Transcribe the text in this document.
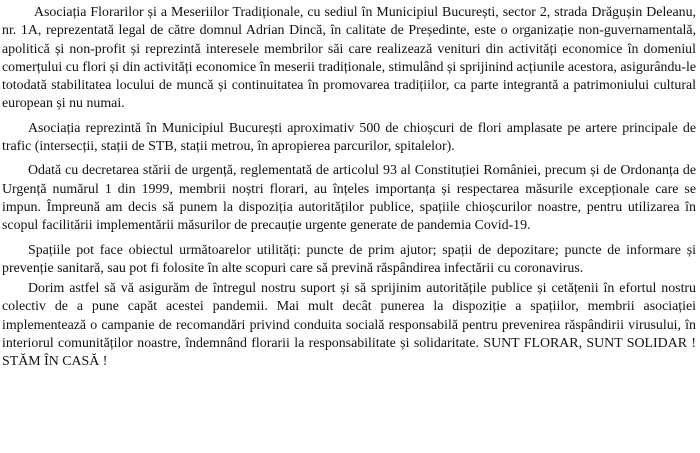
Asociația Florarilor și a Meseriilor Tradiționale, cu sediul în Municipiul București, sector 2, strada Drăgușin Deleanu, nr. 1A, reprezentată legal de către domnul Adrian Dincă, în calitate de Președinte, este o organizație non-guvernamentală, apolitică și non-profit și reprezintă interesele membrilor săi care realizează venituri din activități economice în domeniul comerțului cu flori și din activități economice în meserii tradiționale, stimulând și sprijinind acțiunile acestora, asigurându-le totodată stabilitatea locului de muncă și continuitatea în promovarea tradițiilor, ca parte integrantă a patrimoniului cultural european și nu numai.

Asociația reprezintă în Municipiul București aproximativ 500 de chioșcuri de flori amplasate pe artere principale de trafic (intersecții, stații de STB, stații metrou, în apropierea parcurilor, spitalelor).

Odată cu decretarea stării de urgență, reglementată de articolul 93 al Constituției României, precum și de Ordonanța de Urgență numărul 1 din 1999, membrii noștri florari, au înțeles importanța și respectarea măsurile excepționale care se impun. Împreună am decis să punem la dispoziția autorităților publice, spațiile chioșcurilor noastre, pentru utilizarea în scopul facilitării implementării măsurilor de precauție urgente generate de pandemia Covid-19.

Spațiile pot face obiectul următoarelor utilități: puncte de prim ajutor; spații de depozitare; puncte de informare și prevenție sanitară, sau pot fi folosite în alte scopuri care să prevină răspândirea infectării cu coronavirus.

Dorim astfel să vă asigurăm de întregul nostru suport și să sprijinim autoritățile publice și cetățenii în efortul nostru colectiv de a pune capăt acestei pandemii. Mai mult decât punerea la dispoziție a spațiilor, membrii asociației implementează o campanie de recomandări privind conduita socială responsabilă pentru prevenirea răspândirii virusului, în interiorul comunităților noastre, îndemnând florarii la responsabilitate și solidaritate. SUNT FLORAR, SUNT SOLIDAR ! STĂM ÎN CASĂ !
